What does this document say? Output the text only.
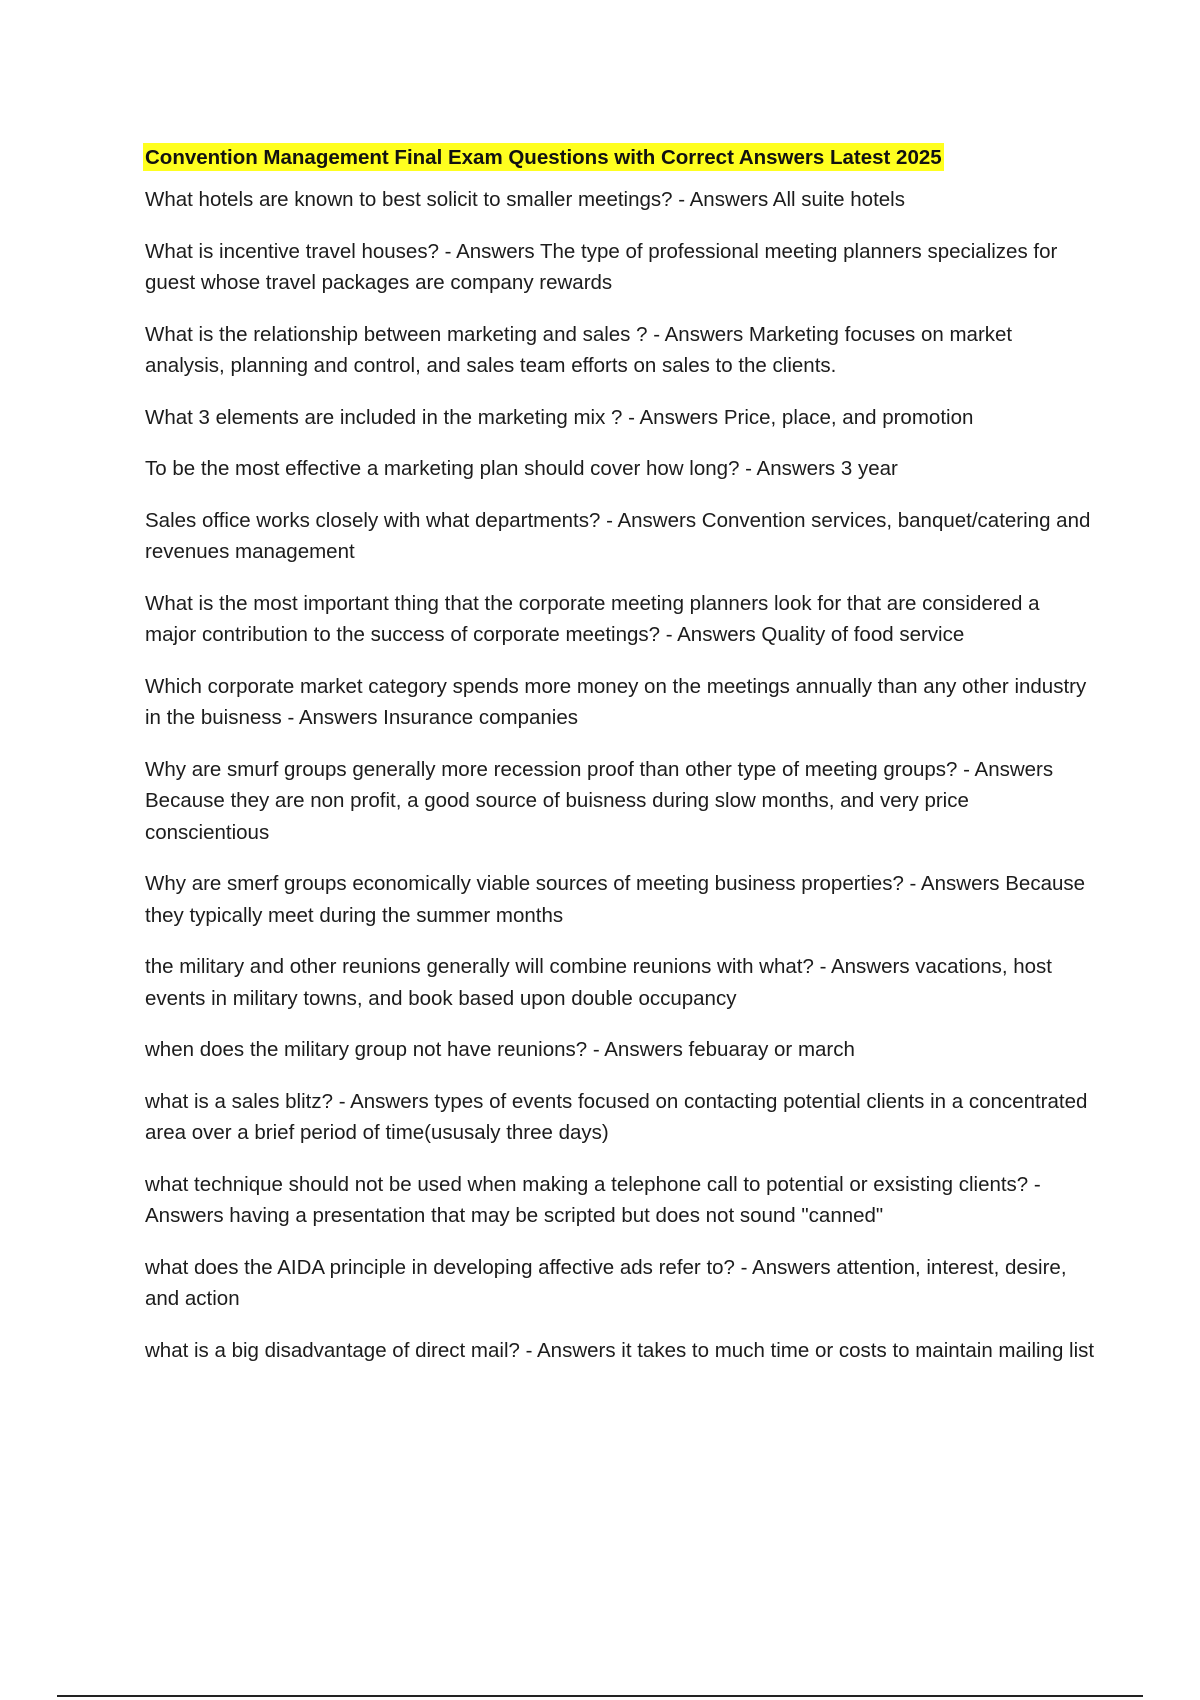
Convention Management Final Exam Questions with Correct Answers Latest 2025
What hotels are known to best solicit to smaller meetings? - Answers All suite hotels
What is incentive travel houses? - Answers The type of professional meeting planners specializes for guest whose travel packages are company rewards
What is the relationship between marketing and sales ? - Answers Marketing focuses on market analysis, planning and control, and sales team efforts on sales to the clients.
What 3 elements are included in the marketing mix ? - Answers Price, place, and promotion
To be the most effective a marketing plan should cover how long? - Answers 3 year
Sales office works closely with what departments? - Answers Convention services, banquet/catering and revenues management
What is the most important thing that the corporate meeting planners look for that are considered a major contribution to the success of corporate meetings? - Answers Quality of food service
Which corporate market category spends more money on the meetings annually than any other industry in the buisness - Answers Insurance companies
Why are smurf groups generally more recession proof than other type of meeting groups? - Answers Because they are non profit, a good source of buisness during slow months, and very price conscientious
Why are smerf groups economically viable sources of meeting business properties? - Answers Because they typically meet during the summer months
the military and other reunions generally will combine reunions with what? - Answers vacations, host events in military towns, and book based upon double occupancy
when does the military group not have reunions? - Answers febuaray or march
what is a sales blitz? - Answers types of events focused on contacting potential clients in a concentrated area over a brief period of time(ususaly three days)
what technique should not be used when making a telephone call to potential or exsisting clients? - Answers having a presentation that may be scripted but does not sound "canned"
what does the AIDA principle in developing affective ads refer to? - Answers attention, interest, desire, and action
what is a big disadvantage of direct mail? - Answers it takes to much time or costs to maintain mailing list
